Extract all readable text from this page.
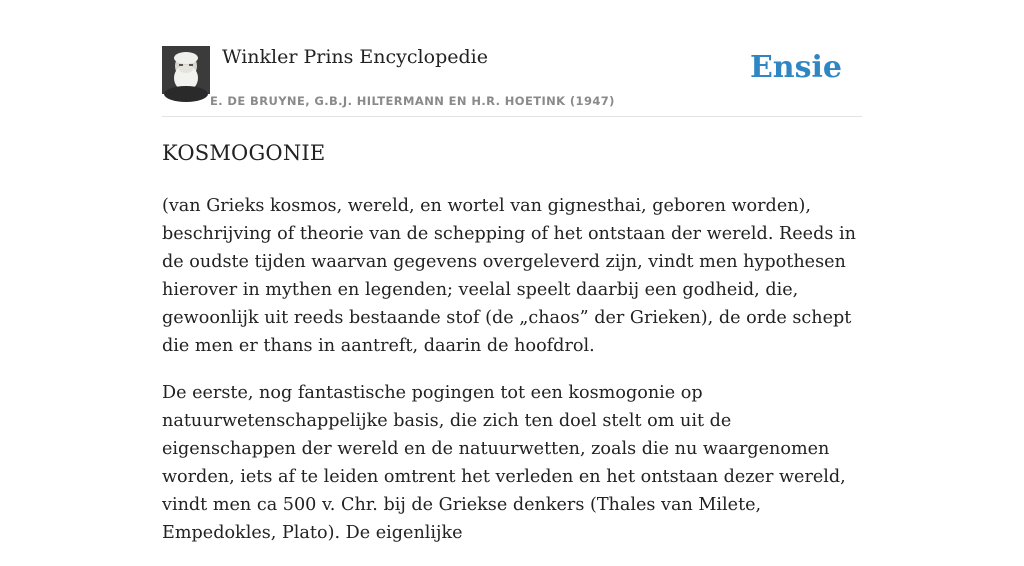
Winkler Prins Encyclopedie
E. DE BRUYNE, G.B.J. HILTERMANN EN H.R. HOETINK (1947)
Ensie
KOSMOGONIE

(van Grieks kosmos, wereld, en wortel van gignesthai, geboren worden), beschrijving of theorie van de schepping of het ontstaan der wereld. Reeds in de oudste tijden waarvan gegevens overgeleverd zijn, vindt men hypothesen hierover in mythen en legenden; veelal speelt daarbij een godheid, die, gewoonlijk uit reeds bestaande stof (de „chaos” der Grieken), de orde schept die men er thans in aantreft, daarin de hoofdrol.

De eerste, nog fantastische pogingen tot een kosmogonie op natuurwetenschappelijke basis, die zich ten doel stelt om uit de eigenschappen der wereld en de natuurwetten, zoals die nu waargenomen worden, iets af te leiden omtrent het verleden en het ontstaan dezer wereld, vindt men ca 500 v. Chr. bij de Griekse denkers (Thales van Milete, Empedokles, Plato). De eigenlijke
